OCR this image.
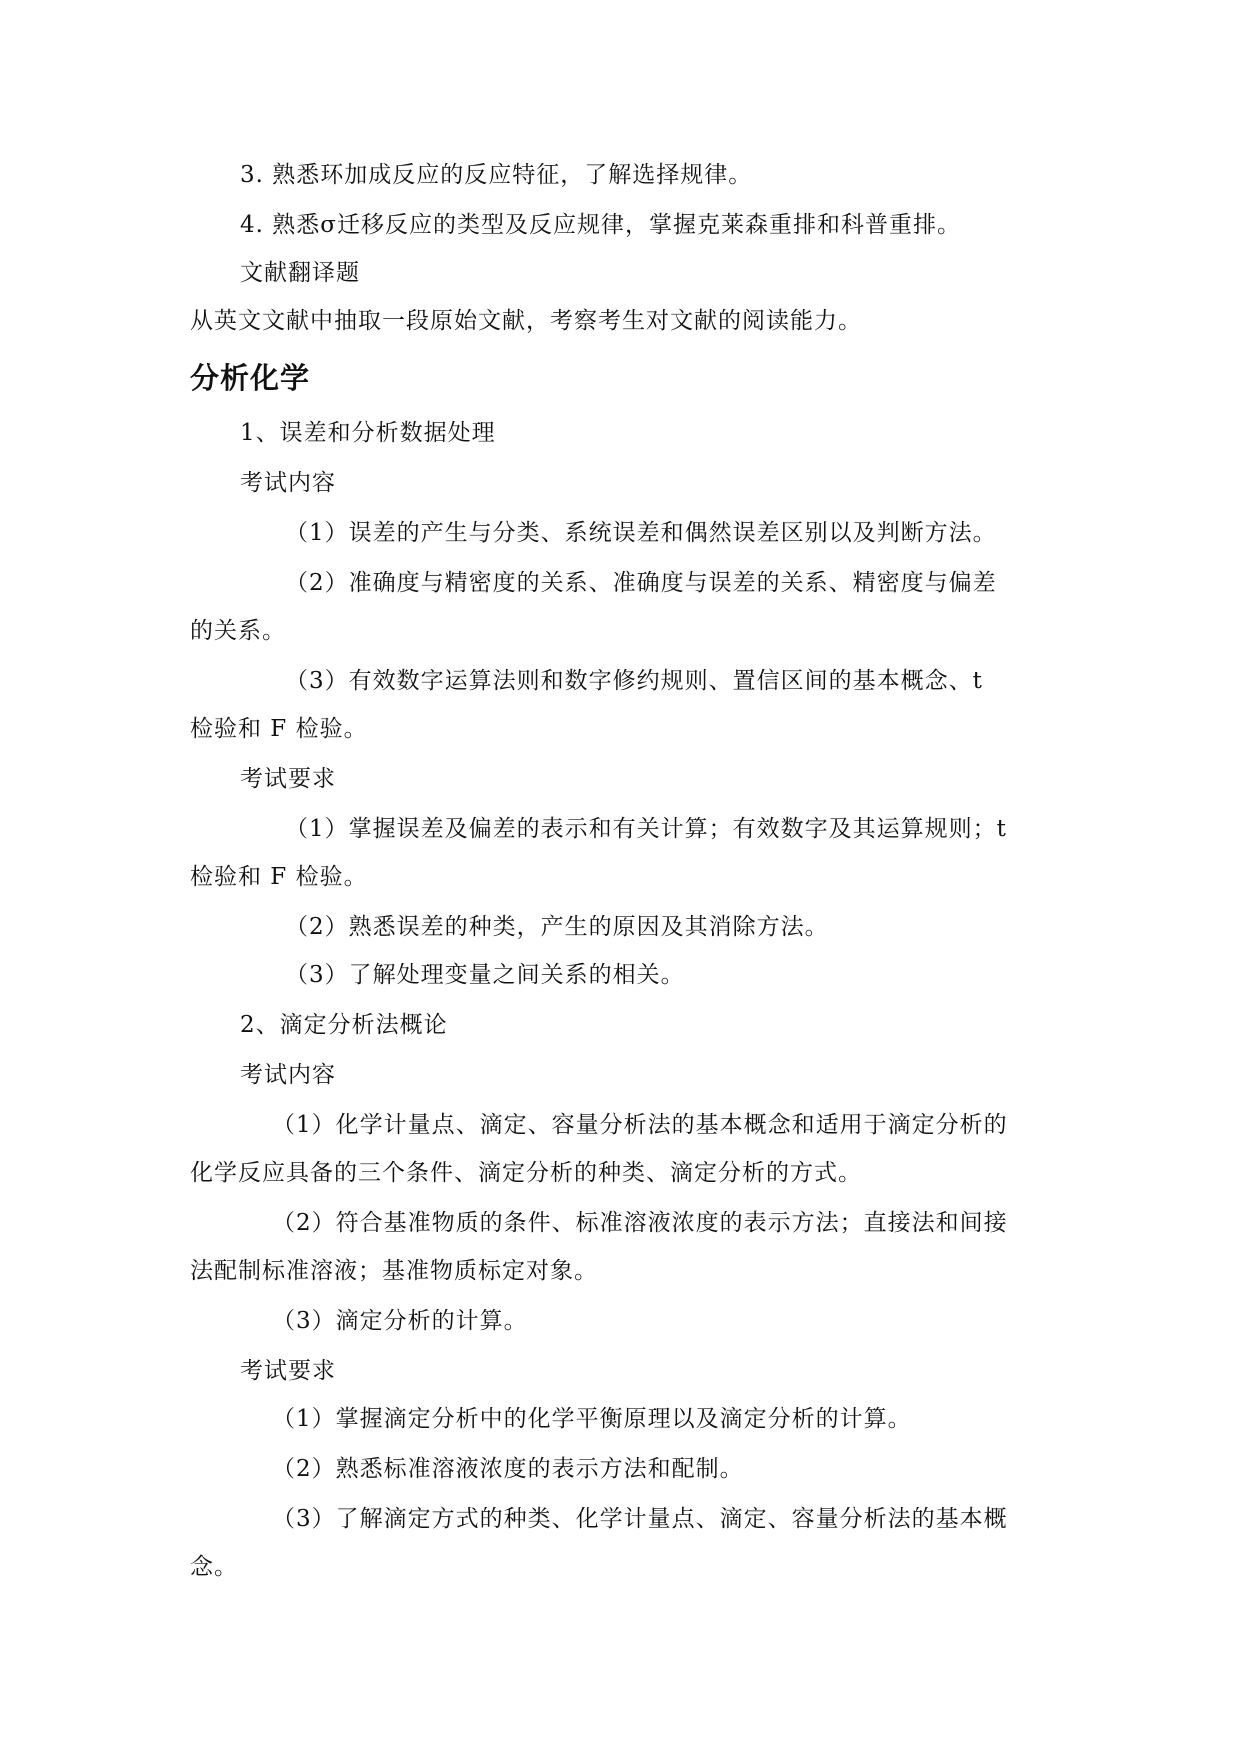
3. 熟悉环加成反应的反应特征，了解选择规律。
4. 熟悉σ迁移反应的类型及反应规律，掌握克莱森重排和科普重排。
文献翻译题
从英文文献中抽取一段原始文献，考察考生对文献的阅读能力。
分析化学
1、误差和分析数据处理
考试内容
（1）误差的产生与分类、系统误差和偶然误差区别以及判断方法。
（2）准确度与精密度的关系、准确度与误差的关系、精密度与偏差
的关系。
（3）有效数字运算法则和数字修约规则、置信区间的基本概念、t
检验和 F 检验。
考试要求
（1）掌握误差及偏差的表示和有关计算；有效数字及其运算规则；t
检验和 F 检验。
（2）熟悉误差的种类，产生的原因及其消除方法。
（3）了解处理变量之间关系的相关。
2、滴定分析法概论
考试内容
（1）化学计量点、滴定、容量分析法的基本概念和适用于滴定分析的
化学反应具备的三个条件、滴定分析的种类、滴定分析的方式。
（2）符合基准物质的条件、标准溶液浓度的表示方法；直接法和间接
法配制标准溶液；基准物质标定对象。
（3）滴定分析的计算。
考试要求
（1）掌握滴定分析中的化学平衡原理以及滴定分析的计算。
（2）熟悉标准溶液浓度的表示方法和配制。
（3）了解滴定方式的种类、化学计量点、滴定、容量分析法的基本概
念。
